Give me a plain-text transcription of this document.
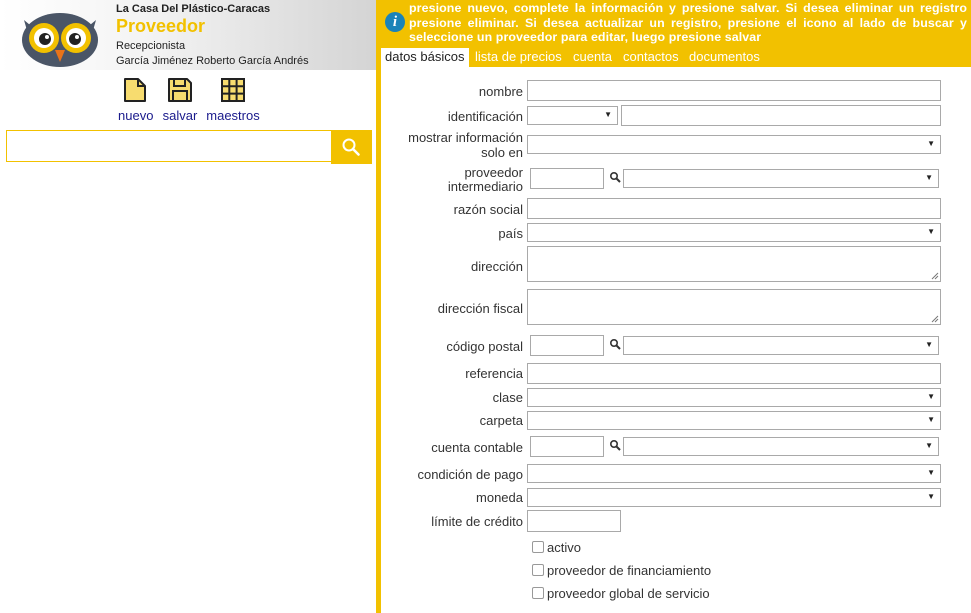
La Casa Del Plástico-Caracas
Proveedor
Recepcionista
García Jiménez Roberto García Andrés
nuevo salvar maestros
i
presione nuevo, complete la información y presione salvar. Si desea eliminar un registro presione eliminar. Si desea actualizar un registro, presione el icono al lado de buscar y seleccione un proveedor para editar, luego presione salvar
datos básicos lista de precios cuenta contactos documentos
nombre
identificación
▼
mostrar información
solo en
▼
proveedor
intermediario
▼
razón social
país
▼
dirección
dirección fiscal
código postal
▼
referencia
clase
▼
carpeta
▼
cuenta contable
▼
condición de pago
▼
moneda
▼
límite de crédito
activo
proveedor de financiamiento
proveedor global de servicio
